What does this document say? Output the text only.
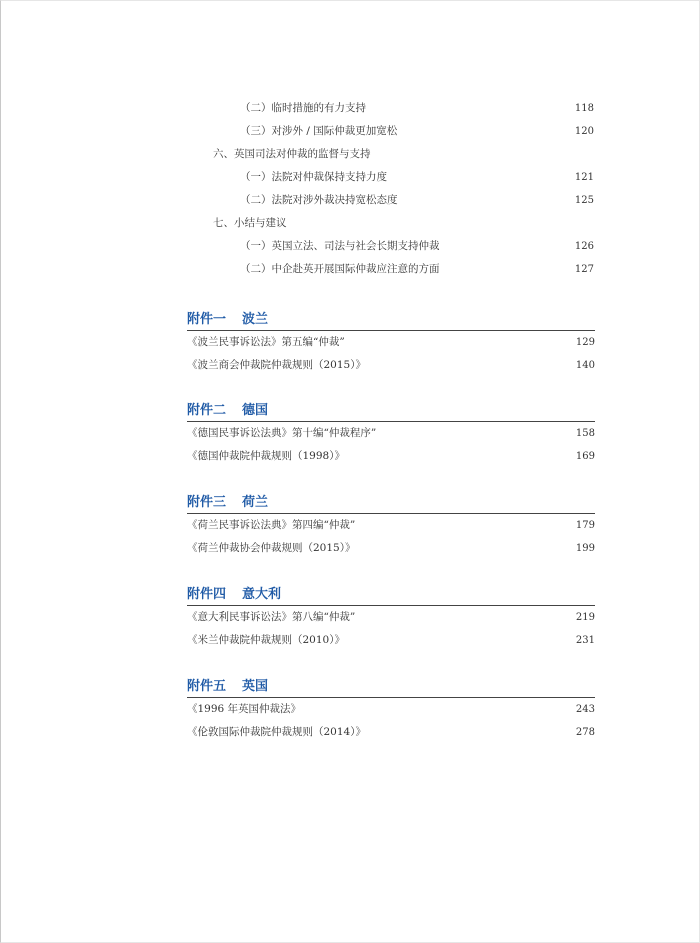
（二）临时措施的有力支持	118
（三）对涉外 / 国际仲裁更加宽松	120
六、英国司法对仲裁的监督与支持
（一）法院对仲裁保持支持力度	121
（二）法院对涉外裁决持宽松态度	125
七、小结与建议
（一）英国立法、司法与社会长期支持仲裁	126
（二）中企赴英开展国际仲裁应注意的方面	127
附件一 波兰
《波兰民事诉讼法》第五编“仲裁”	129
《波兰商会仲裁院仲裁规则（2015）》	140
附件二 德国
《德国民事诉讼法典》第十编“仲裁程序”	158
《德国仲裁院仲裁规则（1998）》	169
附件三 荷兰
《荷兰民事诉讼法典》第四编“仲裁”	179
《荷兰仲裁协会仲裁规则（2015）》	199
附件四 意大利
《意大利民事诉讼法》第八编“仲裁”	219
《米兰仲裁院仲裁规则（2010）》	231
附件五 英国
《1996 年英国仲裁法》	243
《伦敦国际仲裁院仲裁规则（2014）》	278
